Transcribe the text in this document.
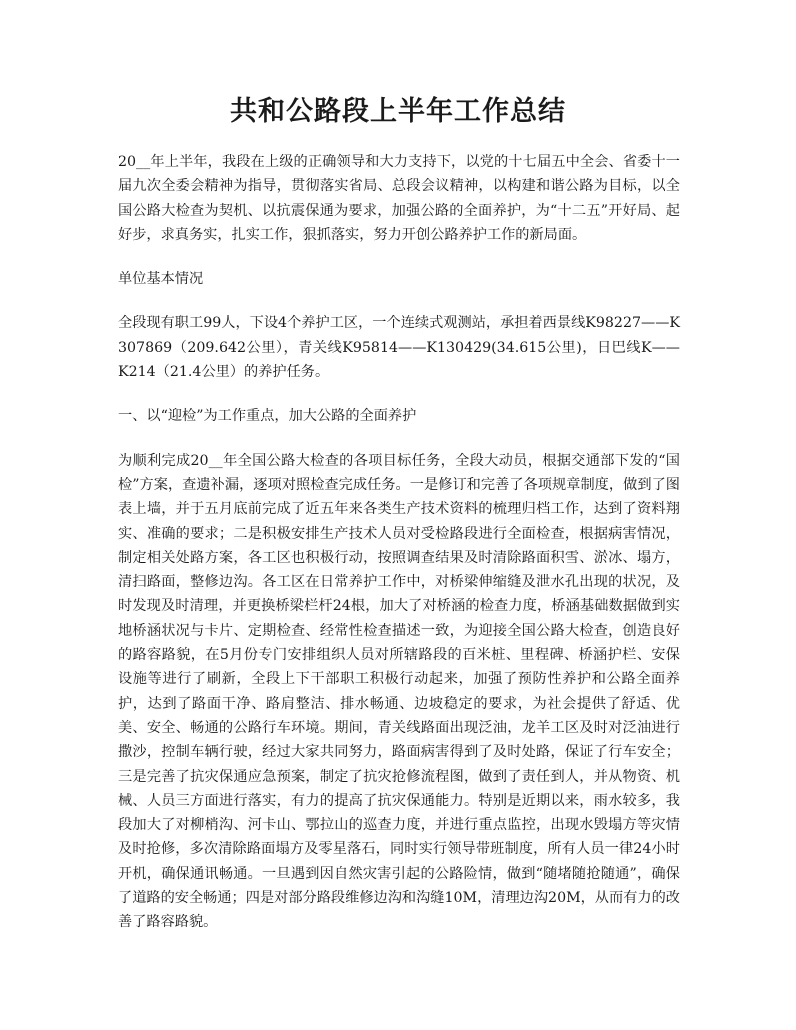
共和公路段上半年工作总结

20__年上半年，我段在上级的正确领导和大力支持下，以党的十七届五中全会、省委十一届九次全委会精神为指导，贯彻落实省局、总段会议精神，以构建和谐公路为目标，以全国公路大检查为契机、以抗震保通为要求，加强公路的全面养护，为“十二五”开好局、起好步，求真务实，扎实工作，狠抓落实，努力开创公路养护工作的新局面。

单位基本情况

全段现有职工99人，下设4个养护工区，一个连续式观测站，承担着西景线K98227——K307869（209.642公里），青关线K95814——K130429(34.615公里)，日巴线K——K214（21.4公里）的养护任务。

一、以“迎检”为工作重点，加大公路的全面养护

为顺利完成20__年全国公路大检查的各项目标任务，全段大动员，根据交通部下发的“国检”方案，查遗补漏，逐项对照检查完成任务。一是修订和完善了各项规章制度，做到了图表上墙，并于五月底前完成了近五年来各类生产技术资料的梳理归档工作，达到了资料翔实、准确的要求；二是积极安排生产技术人员对受检路段进行全面检查，根据病害情况，制定相关处路方案，各工区也积极行动，按照调查结果及时清除路面积雪、淤冰、塌方，清扫路面，整修边沟。各工区在日常养护工作中，对桥梁伸缩缝及泄水孔出现的状况，及时发现及时清理，并更换桥梁栏杆24根，加大了对桥涵的检查力度，桥涵基础数据做到实地桥涵状况与卡片、定期检查、经常性检查描述一致，为迎接全国公路大检查，创造良好的路容路貌，在5月份专门安排组织人员对所辖路段的百米桩、里程碑、桥涵护栏、安保设施等进行了刷新，全段上下干部职工积极行动起来，加强了预防性养护和公路全面养护，达到了路面干净、路肩整洁、排水畅通、边坡稳定的要求，为社会提供了舒适、优美、安全、畅通的公路行车环境。期间，青关线路面出现泛油，龙羊工区及时对泛油进行撒沙，控制车辆行驶，经过大家共同努力，路面病害得到了及时处路，保证了行车安全；三是完善了抗灾保通应急预案，制定了抗灾抢修流程图，做到了责任到人，并从物资、机械、人员三方面进行落实，有力的提高了抗灾保通能力。特别是近期以来，雨水较多，我段加大了对柳梢沟、河卡山、鄂拉山的巡查力度，并进行重点监控，出现水毁塌方等灾情及时抢修，多次清除路面塌方及零星落石，同时实行领导带班制度，所有人员一律24小时开机，确保通讯畅通。一旦遇到因自然灾害引起的公路险情，做到“随堵随抢随通”，确保了道路的安全畅通；四是对部分路段维修边沟和沟缝10M，清理边沟20M，从而有力的改善了路容路貌。
